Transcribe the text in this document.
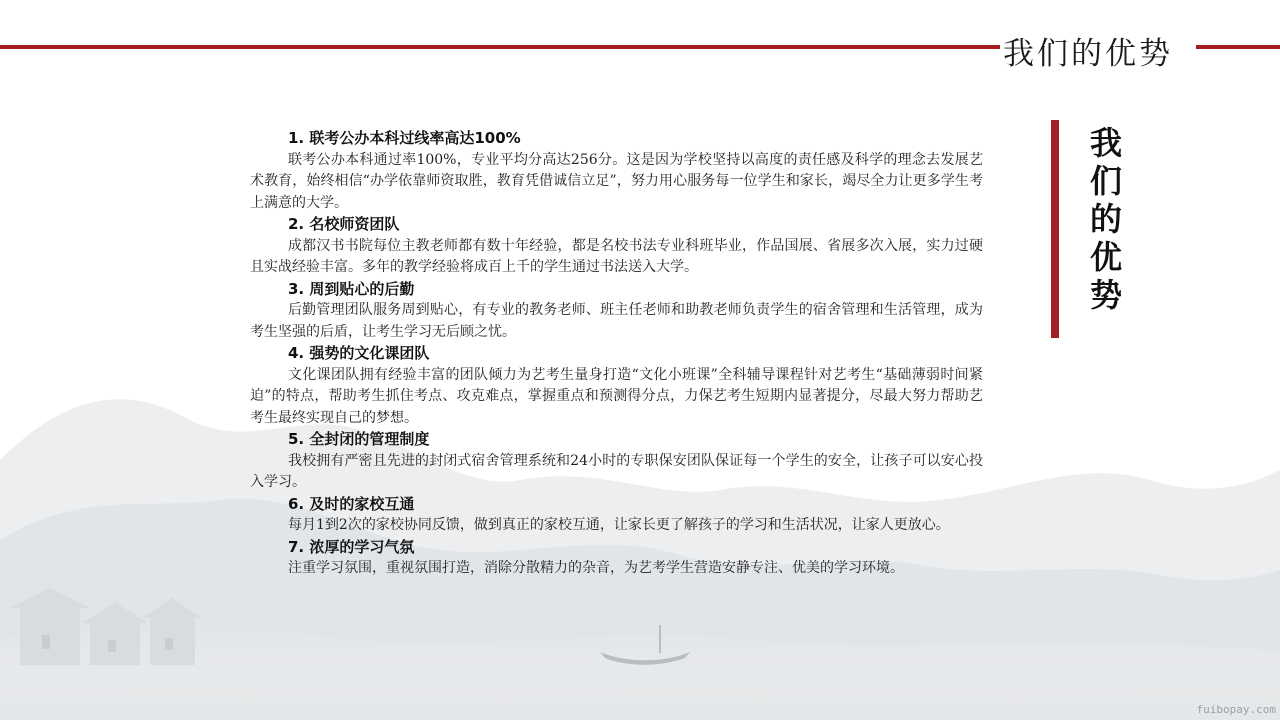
我们的优势
我
们
的
优
势
1. 联考公办本科过线率高达100%
联考公办本科通过率100%，专业平均分高达256分。这是因为学校坚持以高度的责任感及科学的理念去发展艺术教育，始终相信“办学依靠师资取胜，教育凭借诚信立足”，努力用心服务每一位学生和家长，竭尽全力让更多学生考上满意的大学。
2. 名校师资团队
成都汉书书院每位主教老师都有数十年经验，都是名校书法专业科班毕业，作品国展、省展多次入展，实力过硬且实战经验丰富。多年的教学经验将成百上千的学生通过书法送入大学。
3. 周到贴心的后勤
后勤管理团队服务周到贴心，有专业的教务老师、班主任老师和助教老师负责学生的宿舍管理和生活管理，成为考生坚强的后盾，让考生学习无后顾之忧。
4. 强势的文化课团队
文化课团队拥有经验丰富的团队倾力为艺考生量身打造“文化小班课”全科辅导课程针对艺考生“基础薄弱时间紧迫”的特点，帮助考生抓住考点、攻克难点，掌握重点和预测得分点，力保艺考生短期内显著提分，尽最大努力帮助艺考生最终实现自己的梦想。
5. 全封闭的管理制度
我校拥有严密且先进的封闭式宿舍管理系统和24小时的专职保安团队保证每一个学生的安全，让孩子可以安心投入学习。
6. 及时的家校互通
每月1到2次的家校协同反馈，做到真正的家校互通，让家长更了解孩子的学习和生活状况，让家人更放心。
7. 浓厚的学习气氛
注重学习氛围，重视氛围打造，消除分散精力的杂音，为艺考学生营造安静专注、优美的学习环境。
fuibopay.com
